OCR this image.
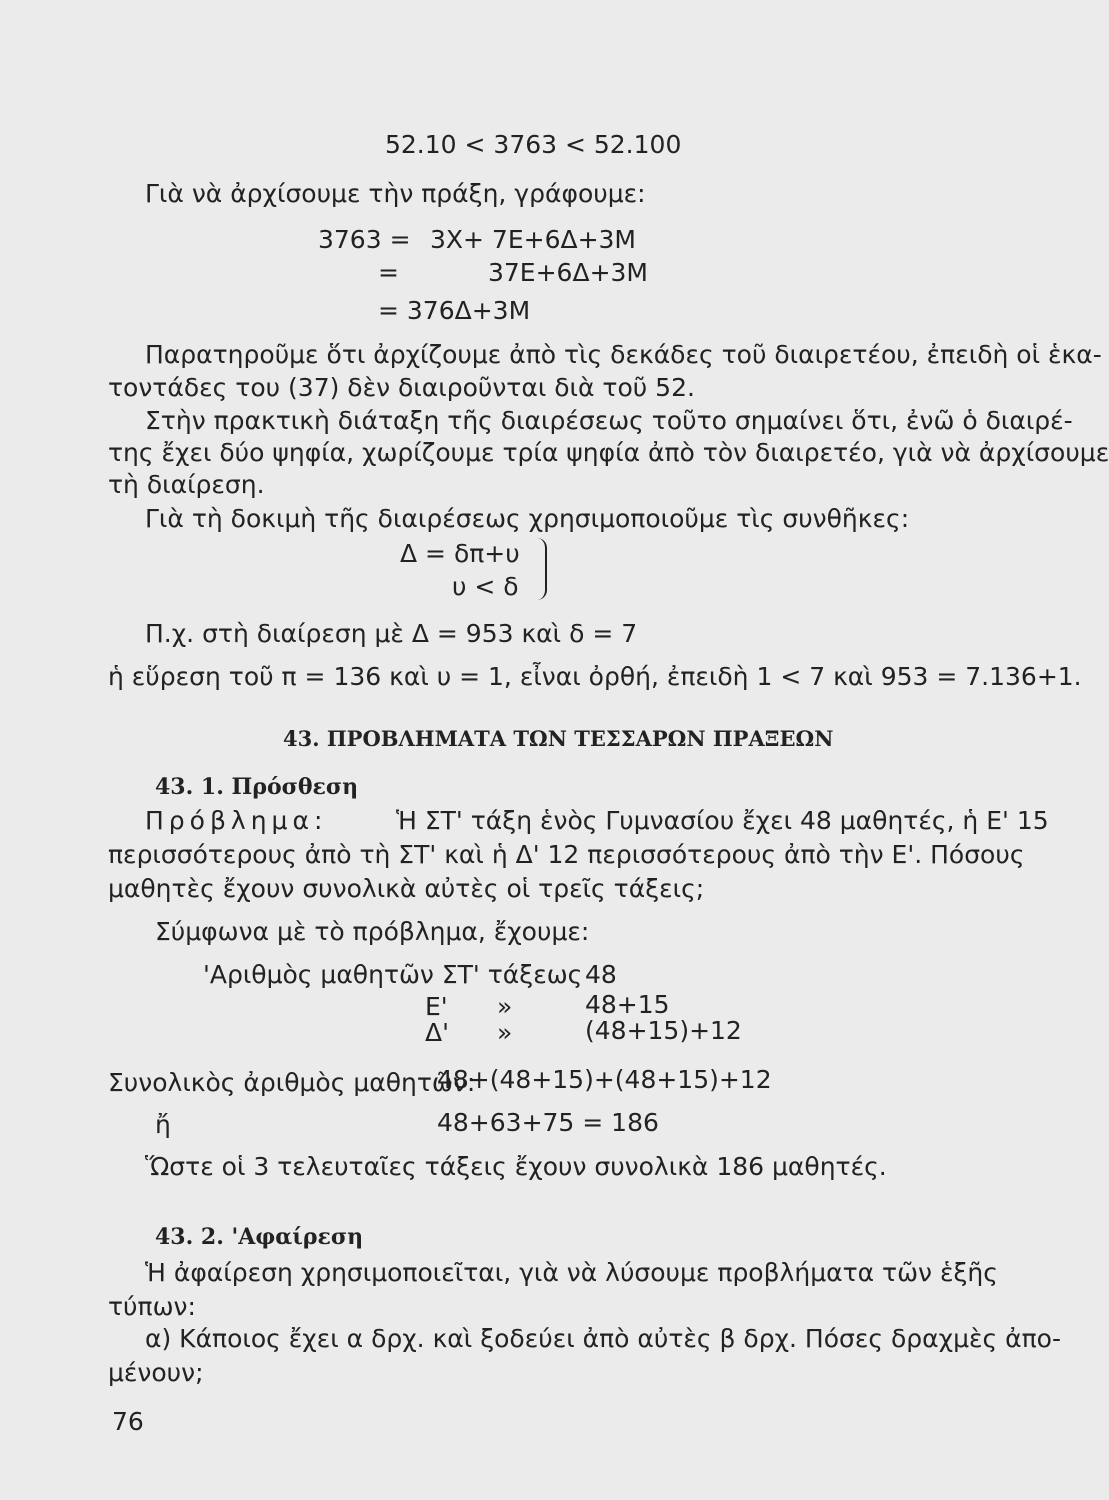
52.10 < 3763 < 52.100
Γιὰ νὰ ἀρχίσουμε τὴν πράξη, γράφουμε:
3763 = 3X+ 7E+6Δ+3M
=	37E+6Δ+3M
= 376Δ+3M
Παρατηροῦμε ὅτι ἀρχίζουμε ἀπὸ τὶς δεκάδες τοῦ διαιρετέου, ἐπειδὴ οἱ ἑκα-
τοντάδες του (37) δὲν διαιροῦνται διὰ τοῦ 52.
Στὴν πρακτικὴ διάταξη τῆς διαιρέσεως τοῦτο σημαίνει ὅτι, ἐνῶ ὁ διαιρέ-
της ἔχει δύο ψηφία, χωρίζουμε τρία ψηφία ἀπὸ τὸν διαιρετέο, γιὰ νὰ ἀρχίσουμε
τὴ διαίρεση.
Γιὰ τὴ δοκιμὴ τῆς διαιρέσεως χρησιμοποιοῦμε τὶς συνθῆκες:
Δ = δπ+υ
υ < δ
Π.χ. στὴ διαίρεση μὲ Δ = 953 καὶ δ = 7
ἡ εὕρεση τοῦ π = 136 καὶ υ = 1, εἶναι ὀρθή, ἐπειδὴ 1 < 7 καὶ 953 = 7.136+1.
43. ΠΡΟΒΛΗΜΑΤΑ ΤΩΝ ΤΕΣΣΑΡΩΝ ΠΡΑΞΕΩΝ
43. 1. Πρόσθεση
Πρόβλημα:	Ἡ ΣΤ' τάξη ἑνὸς Γυμνασίου ἔχει 48 μαθητές, ἡ Ε' 15
περισσότερους ἀπὸ τὴ ΣΤ' καὶ ἡ Δ' 12 περισσότερους ἀπὸ τὴν Ε'. Πόσους
μαθητὲς ἔχουν συνολικὰ αὐτὲς οἱ τρεῖς τάξεις;
Σύμφωνα μὲ τὸ πρόβλημα, ἔχουμε:
'Αριθμὸς μαθητῶν ΣΤ' τάξεως 48
Ε' »	48+15
Δ' »	(48+15)+12
Συνολικὸς ἀριθμὸς μαθητῶν:
48+(48+15)+(48+15)+12
ἤ	48+63+75 = 186
Ὥστε οἱ 3 τελευταῖες τάξεις ἔχουν συνολικὰ 186 μαθητές.
43. 2. 'Αφαίρεση
Ἡ ἀφαίρεση χρησιμοποιεῖται, γιὰ νὰ λύσουμε προβλήματα τῶν ἑξῆς
τύπων:
α) Κάποιος ἔχει α δρχ. καὶ ξοδεύει ἀπὸ αὐτὲς β δρχ. Πόσες δραχμὲς ἀπο-
μένουν;
76
